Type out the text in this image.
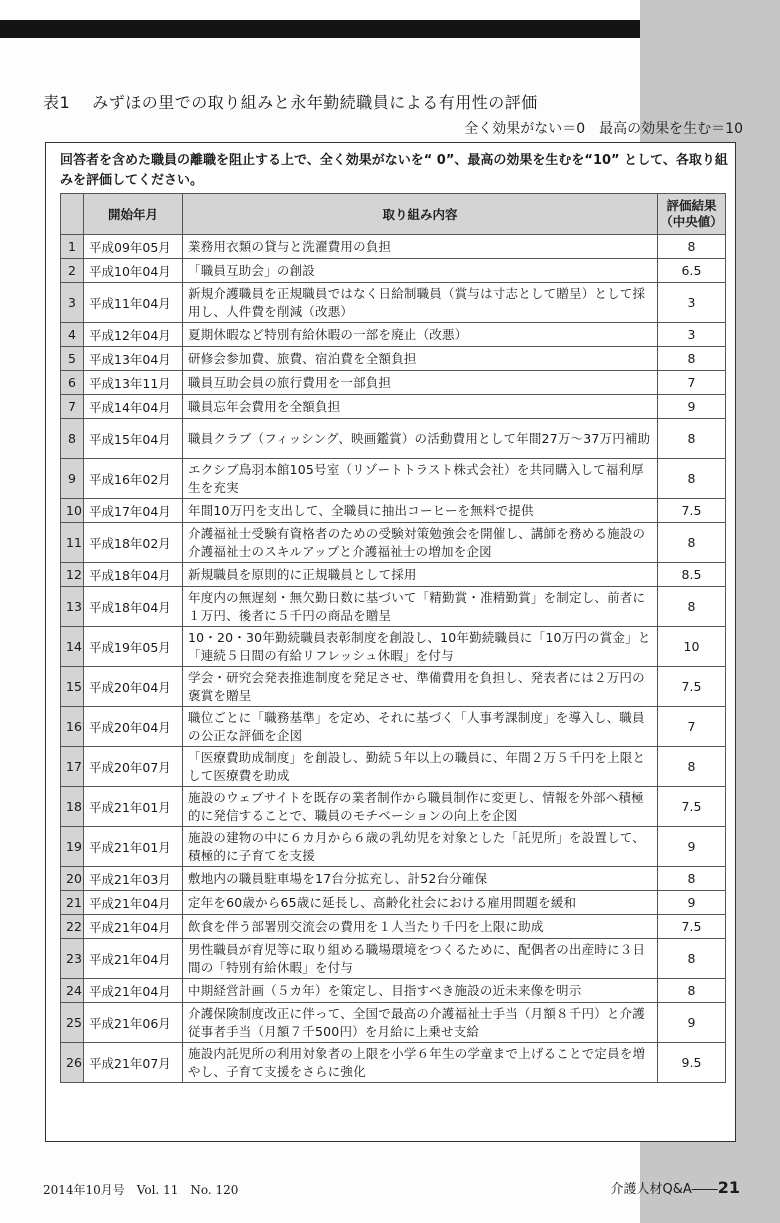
表1 みずほの里での取り組みと永年勤続職員による有用性の評価
全く効果がない＝0　最高の効果を生む＝10
回答者を含めた職員の離職を阻止する上で、全く効果がないを“ 0”、最高の効果を生むを“10” として、各取り組みを評価してください。
	開始年月	取り組み内容	評価結果
（中央値）

1	平成09年05月	業務用衣類の貸与と洗濯費用の負担	8
2	平成10年04月	「職員互助会」の創設	6.5
3	平成11年04月	新規介護職員を正規職員ではなく日給制職員（賞与は寸志として贈呈）として採用し、人件費を削減（改悪）	3
4	平成12年04月	夏期休暇など特別有給休暇の一部を廃止（改悪）	3
5	平成13年04月	研修会参加費、旅費、宿泊費を全額負担	8
6	平成13年11月	職員互助会員の旅行費用を一部負担	7
7	平成14年04月	職員忘年会費用を全額負担	9
8	平成15年04月	職員クラブ（フィッシング、映画鑑賞）の活動費用として年間27万～37万円補助	8
9	平成16年02月	エクシブ鳥羽本館105号室（リゾートトラスト株式会社）を共同購入して福利厚生を充実	8
10	平成17年04月	年間10万円を支出して、全職員に抽出コーヒーを無料で提供	7.5
11	平成18年02月	介護福祉士受験有資格者のための受験対策勉強会を開催し、講師を務める施設の介護福祉士のスキルアップと介護福祉士の増加を企図	8
12	平成18年04月	新規職員を原則的に正規職員として採用	8.5
13	平成18年04月	年度内の無遅刻・無欠勤日数に基づいて「精勤賞・准精勤賞」を制定し、前者に１万円、後者に５千円の商品を贈呈	8
14	平成19年05月	10・20・30年勤続職員表彰制度を創設し、10年勤続職員に「10万円の賞金」と「連続５日間の有給リフレッシュ休暇」を付与	10
15	平成20年04月	学会・研究会発表推進制度を発足させ、準備費用を負担し、発表者には２万円の褒賞を贈呈	7.5
16	平成20年04月	職位ごとに「職務基準」を定め、それに基づく「人事考課制度」を導入し、職員の公正な評価を企図	7
17	平成20年07月	「医療費助成制度」を創設し、勤続５年以上の職員に、年間２万５千円を上限として医療費を助成	8
18	平成21年01月	施設のウェブサイトを既存の業者制作から職員制作に変更し、情報を外部へ積極的に発信することで、職員のモチベーションの向上を企図	7.5
19	平成21年01月	施設の建物の中に６カ月から６歳の乳幼児を対象とした「託児所」を設置して、積極的に子育てを支援	9
20	平成21年03月	敷地内の職員駐車場を17台分拡充し、計52台分確保	8
21	平成21年04月	定年を60歳から65歳に延長し、高齢化社会における雇用問題を緩和	9
22	平成21年04月	飲食を伴う部署別交流会の費用を１人当たり千円を上限に助成	7.5
23	平成21年04月	男性職員が育児等に取り組める職場環境をつくるために、配偶者の出産時に３日間の「特別有給休暇」を付与	8
24	平成21年04月	中期経営計画（５カ年）を策定し、目指すべき施設の近未来像を明示	8
25	平成21年06月	介護保険制度改正に伴って、全国で最高の介護福祉士手当（月額８千円）と介護従事者手当（月額７千500円）を月給に上乗せ支給	9
26	平成21年07月	施設内託児所の利用対象者の上限を小学６年生の学童まで上げることで定員を増やし、子育て支援をさらに強化	9.5
2014年10月号　Vol. 11　No. 120	介護人材Q&A――21
